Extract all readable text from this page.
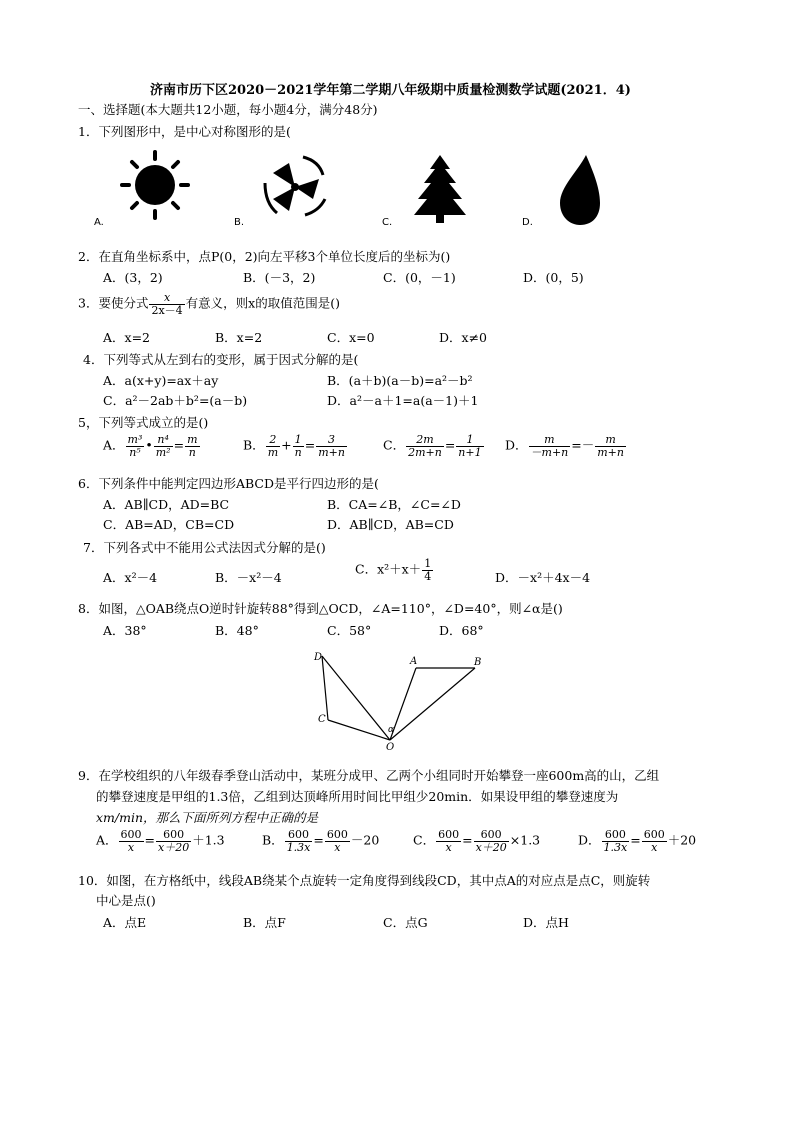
济南市历下区2020－2021学年第二学期八年级期中质量检测数学试题(2021．4)
一、选择题(本大题共12小题，每小题4分，满分48分)
1．下列图形中，是中心对称图形的是(
A.	B.	C.	D.
2．在直角坐标系中，点P(0，2)向左平移3个单位长度后的坐标为()
A．(3，2)	B．(－3，2)	C．(0，－1)	D．(0，5)
3．要使分式 $\frac{x}{2x-4}$ 有意义，则x的取值范围是()
A．x=2	B．x=2	C．x=0	D．x≠0
4．下列等式从左到右的变形，属于因式分解的是(
A．a(x+y)=ax＋ay	B．(a＋b)(a－b)=a²－b²
C．a²－2ab＋b²=(a－b)	D．a²－a＋1=a(a－1)＋1
5，下列等式成立的是()
A． $\frac{\text{m³}}{\text{n⁵}}$ • $\frac{\text{n⁴}}{\text{m²}} = \frac{m}{n}$	B． $\frac{2}{m} + \frac{1}{n} = \frac{3}{m+n}$	C． $\frac{2m}{2m+n} = \frac{1}{n+1}$ D． $\frac{m}{-m+n} =- \frac{m}{m+n}$
6．下列条件中能判定四边形ABCD是平行四边形的是(
A．AB∥CD，AD=BC	B．CA=∠B，∠C=∠D
C．AB=AD，CB=CD	D．AB∥CD，AB=CD
7．下列各式中不能用公式法因式分解的是()
A．x²－4	B．－x²－4
C．$x^2+x+ \frac{1}{4}$	D．－x²＋4x－4
8．如图，△OAB绕点O逆时针旋转88°得到△OCD，∠A=110°，∠D=40°，则∠α是()
A．38°	B．48°	C．58°	D．68°
D	A	B
C
O
α
9．在学校组织的八年级春季登山活动中，某班分成甲、乙两个小组同时开始攀登一座600m高的山，乙组
的攀登速度是甲组的1.3倍，乙组到达顶峰所用时间比甲组少20min．如果设甲组的攀登速度为
xm/min，那么下面所列方程中正确的是
A． $\frac{600}{x} = \frac{600}{x+20} +1.3$	B． $\frac{600}{1.3x} = \frac{600}{x} -20$	C． $\frac{600}{x} = \frac{600}{x+20} \times 1.3$	D． $\frac{600}{1.3x} = \frac{600}{x} +20$
10．如图，在方格纸中，线段AB绕某个点旋转一定角度得到线段CD，其中点A的对应点是点C，则旋转
中心是点()
A．点E	B．点F	C．点G	D．点H
